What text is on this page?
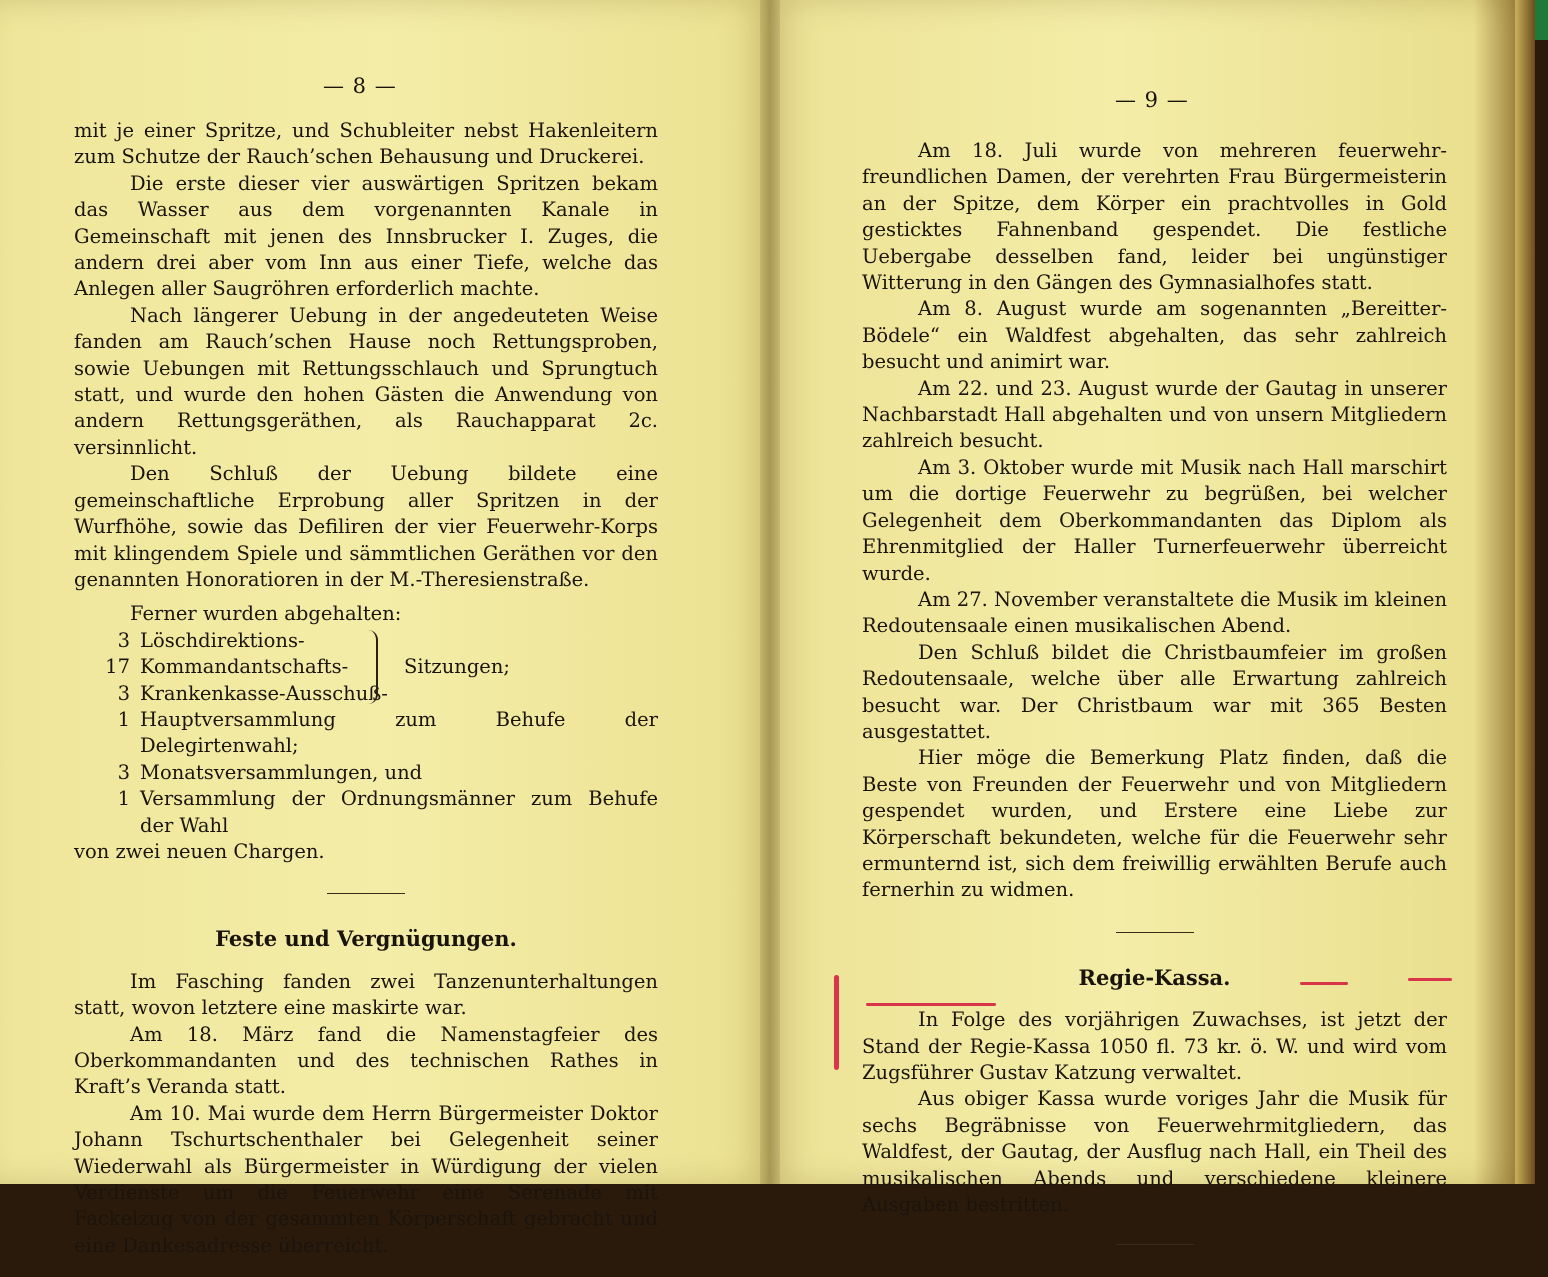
— 8 —

mit je einer Spritze, und Schubleiter nebst Hakenleitern zum Schutze der Rauch’schen Behausung und Druckerei.

Die erste dieser vier auswärtigen Spritzen bekam das Wasser aus dem vorgenannten Kanale in Gemeinschaft mit jenen des Innsbrucker I. Zuges, die andern drei aber vom Inn aus einer Tiefe, welche das Anlegen aller Saugröhren erforderlich machte.

Nach längerer Uebung in der angedeuteten Weise fanden am Rauch’schen Hause noch Rettungsproben, sowie Uebungen mit Rettungsschlauch und Sprungtuch statt, und wurde den hohen Gästen die Anwendung von andern Rettungsgeräthen, als Rauchapparat 2c. versinnlicht.

Den Schluß der Uebung bildete eine gemeinschaftliche Erprobung aller Spritzen in der Wurfhöhe, sowie das Defiliren der vier Feuerwehr-Korps mit klingendem Spiele und sämmtlichen Geräthen vor den genannten Honoratioren in der M.-Theresienstraße.

Ferner wurden abgehalten:

3 Löschdirektions-
17 Kommandantschafts-
3 Krankenkasse-Ausschuß-
Sitzungen;
1 Hauptversammlung zum Behufe der Delegirtenwahl;
3 Monatsversammlungen, und
1 Versammlung der Ordnungsmänner zum Behufe der Wahl

von zwei neuen Chargen.

Feste und Vergnügungen.

Im Fasching fanden zwei Tanzenunterhaltungen statt, wovon letztere eine maskirte war.

Am 18. März fand die Namenstagfeier des Oberkommandanten und des technischen Rathes in Kraft’s Veranda statt.

Am 10. Mai wurde dem Herrn Bürgermeister Doktor Johann Tschurtschenthaler bei Gelegenheit seiner Wiederwahl als Bürgermeister in Würdigung der vielen Verdienste um die Feuerwehr eine Serenade mit Fackelzug von der gesammten Körperschaft gebracht und eine Dankesadresse überreicht.

— 9 —

Am 18. Juli wurde von mehreren feuerwehr-freundlichen Damen, der verehrten Frau Bürgermeisterin an der Spitze, dem Körper ein prachtvolles in Gold gesticktes Fahnenband gespendet. Die festliche Uebergabe desselben fand, leider bei ungünstiger Witterung in den Gängen des Gymnasialhofes statt.

Am 8. August wurde am sogenannten „Bereitter-Bödele“ ein Waldfest abgehalten, das sehr zahlreich besucht und animirt war.

Am 22. und 23. August wurde der Gautag in unserer Nachbarstadt Hall abgehalten und von unsern Mitgliedern zahlreich besucht.

Am 3. Oktober wurde mit Musik nach Hall marschirt um die dortige Feuerwehr zu begrüßen, bei welcher Gelegenheit dem Oberkommandanten das Diplom als Ehrenmitglied der Haller Turnerfeuerwehr überreicht wurde.

Am 27. November veranstaltete die Musik im kleinen Redoutensaale einen musikalischen Abend.

Den Schluß bildet die Christbaumfeier im großen Redoutensaale, welche über alle Erwartung zahlreich besucht war. Der Christbaum war mit 365 Besten ausgestattet.

Hier möge die Bemerkung Platz finden, daß die Beste von Freunden der Feuerwehr und von Mitgliedern gespendet wurden, und Erstere eine Liebe zur Körperschaft bekundeten, welche für die Feuerwehr sehr ermunternd ist, sich dem freiwillig erwählten Berufe auch fernerhin zu widmen.

Regie-Kassa.

In Folge des vorjährigen Zuwachses, ist jetzt der Stand der Regie-Kassa 1050 fl. 73 kr. ö. W. und wird vom Zugsführer Gustav Katzung verwaltet.

Aus obiger Kassa wurde voriges Jahr die Musik für sechs Begräbnisse von Feuerwehrmitgliedern, das Waldfest, der Gautag, der Ausflug nach Hall, ein Theil des musikalischen Abends und verschiedene kleinere Ausgaben bestritten.
